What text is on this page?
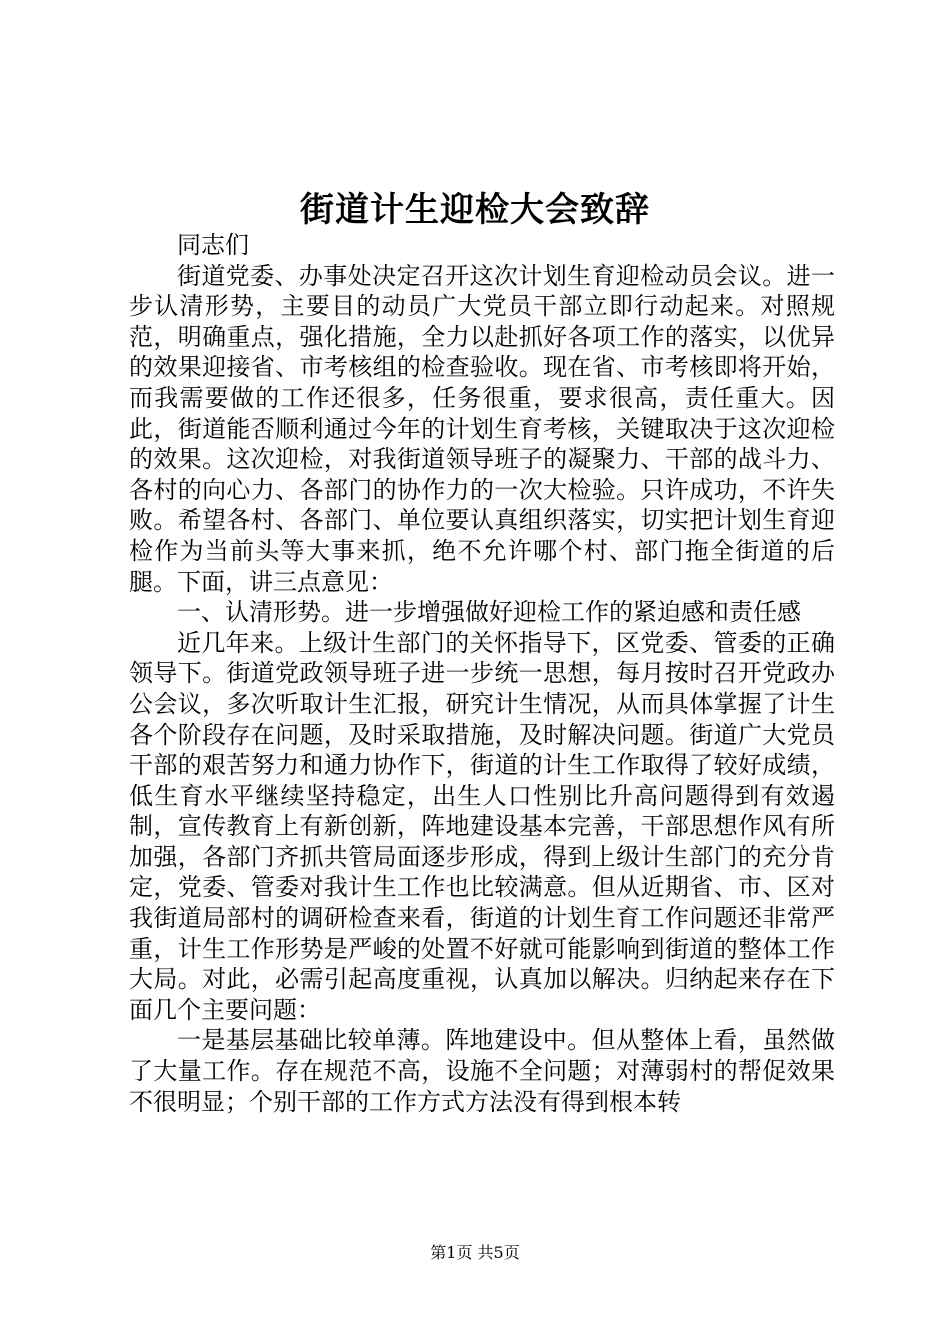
街道计生迎检大会致辞

同志们

街道党委、办事处决定召开这次计划生育迎检动员会议。进一步认清形势，主要目的动员广大党员干部立即行动起来。对照规范，明确重点，强化措施，全力以赴抓好各项工作的落实，以优异的效果迎接省、市考核组的检查验收。现在省、市考核即将开始，而我需要做的工作还很多，任务很重，要求很高，责任重大。因此，街道能否顺利通过今年的计划生育考核，关键取决于这次迎检的效果。这次迎检，对我街道领导班子的凝聚力、干部的战斗力、各村的向心力、各部门的协作力的一次大检验。只许成功，不许失败。希望各村、各部门、单位要认真组织落实，切实把计划生育迎检作为当前头等大事来抓，绝不允许哪个村、部门拖全街道的后腿。下面，讲三点意见：

一、认清形势。进一步增强做好迎检工作的紧迫感和责任感

近几年来。上级计生部门的关怀指导下，区党委、管委的正确领导下。街道党政领导班子进一步统一思想，每月按时召开党政办公会议，多次听取计生汇报，研究计生情况，从而具体掌握了计生各个阶段存在问题，及时采取措施，及时解决问题。街道广大党员干部的艰苦努力和通力协作下，街道的计生工作取得了较好成绩，低生育水平继续坚持稳定，出生人口性别比升高问题得到有效遏制，宣传教育上有新创新，阵地建设基本完善，干部思想作风有所加强，各部门齐抓共管局面逐步形成，得到上级计生部门的充分肯定，党委、管委对我计生工作也比较满意。但从近期省、市、区对我街道局部村的调研检查来看，街道的计划生育工作问题还非常严重，计生工作形势是严峻的处置不好就可能影响到街道的整体工作大局。对此，必需引起高度重视，认真加以解决。归纳起来存在下面几个主要问题：

一是基层基础比较单薄。阵地建设中。但从整体上看，虽然做了大量工作。存在规范不高，设施不全问题；对薄弱村的帮促效果不很明显；个别干部的工作方式方法没有得到根本转

第1页 共5页
